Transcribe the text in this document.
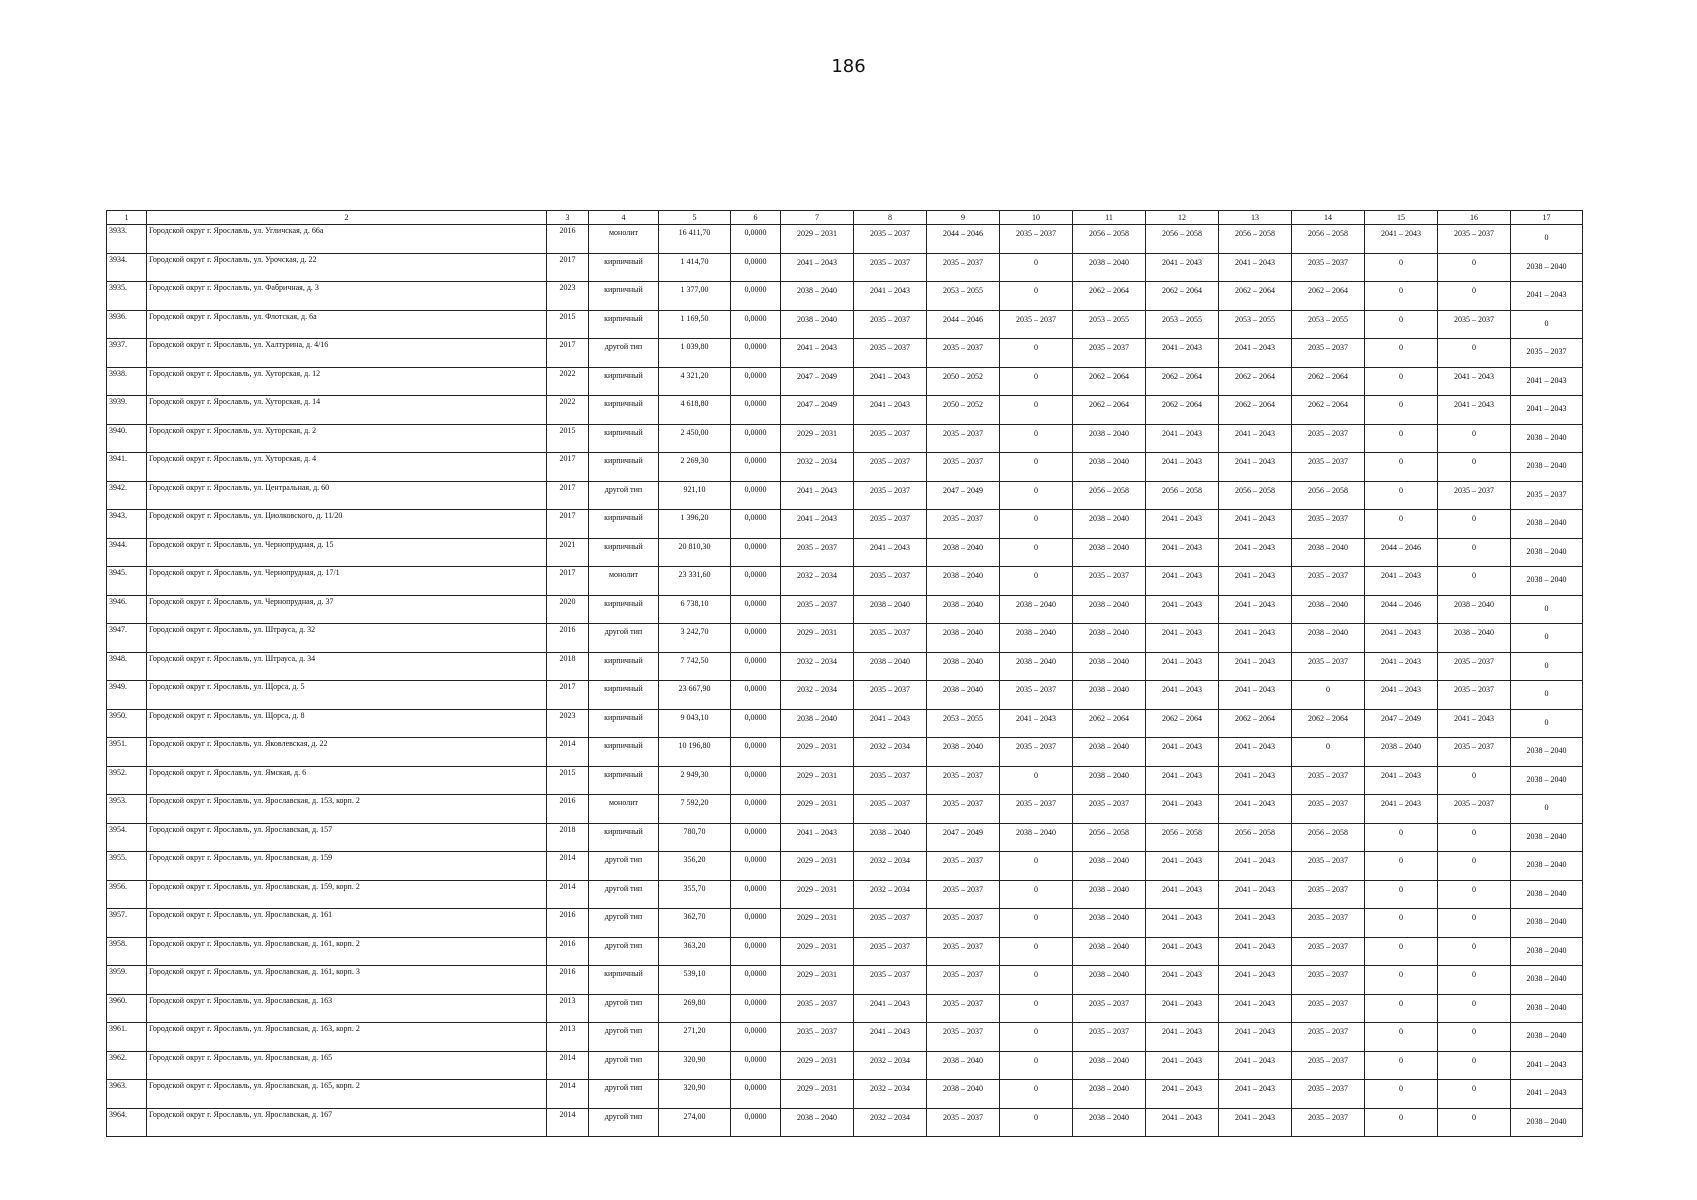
186
1	2	3	4	5	6	7	8	9	10	11	12	13	14	15	16	17
3933.	Городской округ г. Ярославль, ул. Угличская, д. 66а	2016	монолит	16 411,70	0,0000	2029 – 2031	2035 – 2037	2044 – 2046	2035 – 2037	2056 – 2058	2056 – 2058	2056 – 2058	2056 – 2058	2041 – 2043	2035 – 2037	0
3934.	Городской округ г. Ярославль, ул. Урочская, д. 22	2017	кирпичный	1 414,70	0,0000	2041 – 2043	2035 – 2037	2035 – 2037	0	2038 – 2040	2041 – 2043	2041 – 2043	2035 – 2037	0	0	2038 – 2040
3935.	Городской округ г. Ярославль, ул. Фабричная, д. 3	2023	кирпичный	1 377,00	0,0000	2038 – 2040	2041 – 2043	2053 – 2055	0	2062 – 2064	2062 – 2064	2062 – 2064	2062 – 2064	0	0	2041 – 2043
3936.	Городской округ г. Ярославль, ул. Флотская, д. 6а	2015	кирпичный	1 169,50	0,0000	2038 – 2040	2035 – 2037	2044 – 2046	2035 – 2037	2053 – 2055	2053 – 2055	2053 – 2055	2053 – 2055	0	2035 – 2037	0
3937.	Городской округ г. Ярославль, ул. Халтурина, д. 4/16	2017	другой тип	1 039,80	0,0000	2041 – 2043	2035 – 2037	2035 – 2037	0	2035 – 2037	2041 – 2043	2041 – 2043	2035 – 2037	0	0	2035 – 2037
3938.	Городской округ г. Ярославль, ул. Хуторская, д. 12	2022	кирпичный	4 321,20	0,0000	2047 – 2049	2041 – 2043	2050 – 2052	0	2062 – 2064	2062 – 2064	2062 – 2064	2062 – 2064	0	2041 – 2043	2041 – 2043
3939.	Городской округ г. Ярославль, ул. Хуторская, д. 14	2022	кирпичный	4 618,80	0,0000	2047 – 2049	2041 – 2043	2050 – 2052	0	2062 – 2064	2062 – 2064	2062 – 2064	2062 – 2064	0	2041 – 2043	2041 – 2043
3940.	Городской округ г. Ярославль, ул. Хуторская, д. 2	2015	кирпичный	2 450,00	0,0000	2029 – 2031	2035 – 2037	2035 – 2037	0	2038 – 2040	2041 – 2043	2041 – 2043	2035 – 2037	0	0	2038 – 2040
3941.	Городской округ г. Ярославль, ул. Хуторская, д. 4	2017	кирпичный	2 269,30	0,0000	2032 – 2034	2035 – 2037	2035 – 2037	0	2038 – 2040	2041 – 2043	2041 – 2043	2035 – 2037	0	0	2038 – 2040
3942.	Городской округ г. Ярославль, ул. Центральная, д. 60	2017	другой тип	921,10	0,0000	2041 – 2043	2035 – 2037	2047 – 2049	0	2056 – 2058	2056 – 2058	2056 – 2058	2056 – 2058	0	2035 – 2037	2035 – 2037
3943.	Городской округ г. Ярославль, ул. Циолковского, д. 11/20	2017	кирпичный	1 396,20	0,0000	2041 – 2043	2035 – 2037	2035 – 2037	0	2038 – 2040	2041 – 2043	2041 – 2043	2035 – 2037	0	0	2038 – 2040
3944.	Городской округ г. Ярославль, ул. Чернопрудная, д. 15	2021	кирпичный	20 810,30	0,0000	2035 – 2037	2041 – 2043	2038 – 2040	0	2038 – 2040	2041 – 2043	2041 – 2043	2038 – 2040	2044 – 2046	0	2038 – 2040
3945.	Городской округ г. Ярославль, ул. Чернопрудная, д. 17/1	2017	монолит	23 331,60	0,0000	2032 – 2034	2035 – 2037	2038 – 2040	0	2035 – 2037	2041 – 2043	2041 – 2043	2035 – 2037	2041 – 2043	0	2038 – 2040
3946.	Городской округ г. Ярославль, ул. Чернопрудная, д. 37	2020	кирпичный	6 738,10	0,0000	2035 – 2037	2038 – 2040	2038 – 2040	2038 – 2040	2038 – 2040	2041 – 2043	2041 – 2043	2038 – 2040	2044 – 2046	2038 – 2040	0
3947.	Городской округ г. Ярославль, ул. Штрауса, д. 32	2016	другой тип	3 242,70	0,0000	2029 – 2031	2035 – 2037	2038 – 2040	2038 – 2040	2038 – 2040	2041 – 2043	2041 – 2043	2038 – 2040	2041 – 2043	2038 – 2040	0
3948.	Городской округ г. Ярославль, ул. Штрауса, д. 34	2018	кирпичный	7 742,50	0,0000	2032 – 2034	2038 – 2040	2038 – 2040	2038 – 2040	2038 – 2040	2041 – 2043	2041 – 2043	2035 – 2037	2041 – 2043	2035 – 2037	0
3949.	Городской округ г. Ярославль, ул. Щорса, д. 5	2017	кирпичный	23 667,90	0,0000	2032 – 2034	2035 – 2037	2038 – 2040	2035 – 2037	2038 – 2040	2041 – 2043	2041 – 2043	0	2041 – 2043	2035 – 2037	0
3950.	Городской округ г. Ярославль, ул. Щорса, д. 8	2023	кирпичный	9 043,10	0,0000	2038 – 2040	2041 – 2043	2053 – 2055	2041 – 2043	2062 – 2064	2062 – 2064	2062 – 2064	2062 – 2064	2047 – 2049	2041 – 2043	0
3951.	Городской округ г. Ярославль, ул. Яковлевская, д. 22	2014	кирпичный	10 196,80	0,0000	2029 – 2031	2032 – 2034	2038 – 2040	2035 – 2037	2038 – 2040	2041 – 2043	2041 – 2043	0	2038 – 2040	2035 – 2037	2038 – 2040
3952.	Городской округ г. Ярославль, ул. Ямская, д. 6	2015	кирпичный	2 949,30	0,0000	2029 – 2031	2035 – 2037	2035 – 2037	0	2038 – 2040	2041 – 2043	2041 – 2043	2035 – 2037	2041 – 2043	0	2038 – 2040
3953.	Городской округ г. Ярославль, ул. Ярославская, д. 153, корп. 2	2016	монолит	7 592,20	0,0000	2029 – 2031	2035 – 2037	2035 – 2037	2035 – 2037	2035 – 2037	2041 – 2043	2041 – 2043	2035 – 2037	2041 – 2043	2035 – 2037	0
3954.	Городской округ г. Ярославль, ул. Ярославская, д. 157	2018	кирпичный	780,70	0,0000	2041 – 2043	2038 – 2040	2047 – 2049	2038 – 2040	2056 – 2058	2056 – 2058	2056 – 2058	2056 – 2058	0	0	2038 – 2040
3955.	Городской округ г. Ярославль, ул. Ярославская, д. 159	2014	другой тип	356,20	0,0000	2029 – 2031	2032 – 2034	2035 – 2037	0	2038 – 2040	2041 – 2043	2041 – 2043	2035 – 2037	0	0	2038 – 2040
3956.	Городской округ г. Ярославль, ул. Ярославская, д. 159, корп. 2	2014	другой тип	355,70	0,0000	2029 – 2031	2032 – 2034	2035 – 2037	0	2038 – 2040	2041 – 2043	2041 – 2043	2035 – 2037	0	0	2038 – 2040
3957.	Городской округ г. Ярославль, ул. Ярославская, д. 161	2016	другой тип	362,70	0,0000	2029 – 2031	2035 – 2037	2035 – 2037	0	2038 – 2040	2041 – 2043	2041 – 2043	2035 – 2037	0	0	2038 – 2040
3958.	Городской округ г. Ярославль, ул. Ярославская, д. 161, корп. 2	2016	другой тип	363,20	0,0000	2029 – 2031	2035 – 2037	2035 – 2037	0	2038 – 2040	2041 – 2043	2041 – 2043	2035 – 2037	0	0	2038 – 2040
3959.	Городской округ г. Ярославль, ул. Ярославская, д. 161, корп. 3	2016	кирпичный	539,10	0,0000	2029 – 2031	2035 – 2037	2035 – 2037	0	2038 – 2040	2041 – 2043	2041 – 2043	2035 – 2037	0	0	2038 – 2040
3960.	Городской округ г. Ярославль, ул. Ярославская, д. 163	2013	другой тип	269,80	0,0000	2035 – 2037	2041 – 2043	2035 – 2037	0	2035 – 2037	2041 – 2043	2041 – 2043	2035 – 2037	0	0	2038 – 2040
3961.	Городской округ г. Ярославль, ул. Ярославская, д. 163, корп. 2	2013	другой тип	271,20	0,0000	2035 – 2037	2041 – 2043	2035 – 2037	0	2035 – 2037	2041 – 2043	2041 – 2043	2035 – 2037	0	0	2038 – 2040
3962.	Городской округ г. Ярославль, ул. Ярославская, д. 165	2014	другой тип	320,90	0,0000	2029 – 2031	2032 – 2034	2038 – 2040	0	2038 – 2040	2041 – 2043	2041 – 2043	2035 – 2037	0	0	2041 – 2043
3963.	Городской округ г. Ярославль, ул. Ярославская, д. 165, корп. 2	2014	другой тип	320,90	0,0000	2029 – 2031	2032 – 2034	2038 – 2040	0	2038 – 2040	2041 – 2043	2041 – 2043	2035 – 2037	0	0	2041 – 2043
3964.	Городской округ г. Ярославль, ул. Ярославская, д. 167	2014	другой тип	274,00	0,0000	2038 – 2040	2032 – 2034	2035 – 2037	0	2038 – 2040	2041 – 2043	2041 – 2043	2035 – 2037	0	0	2038 – 2040
